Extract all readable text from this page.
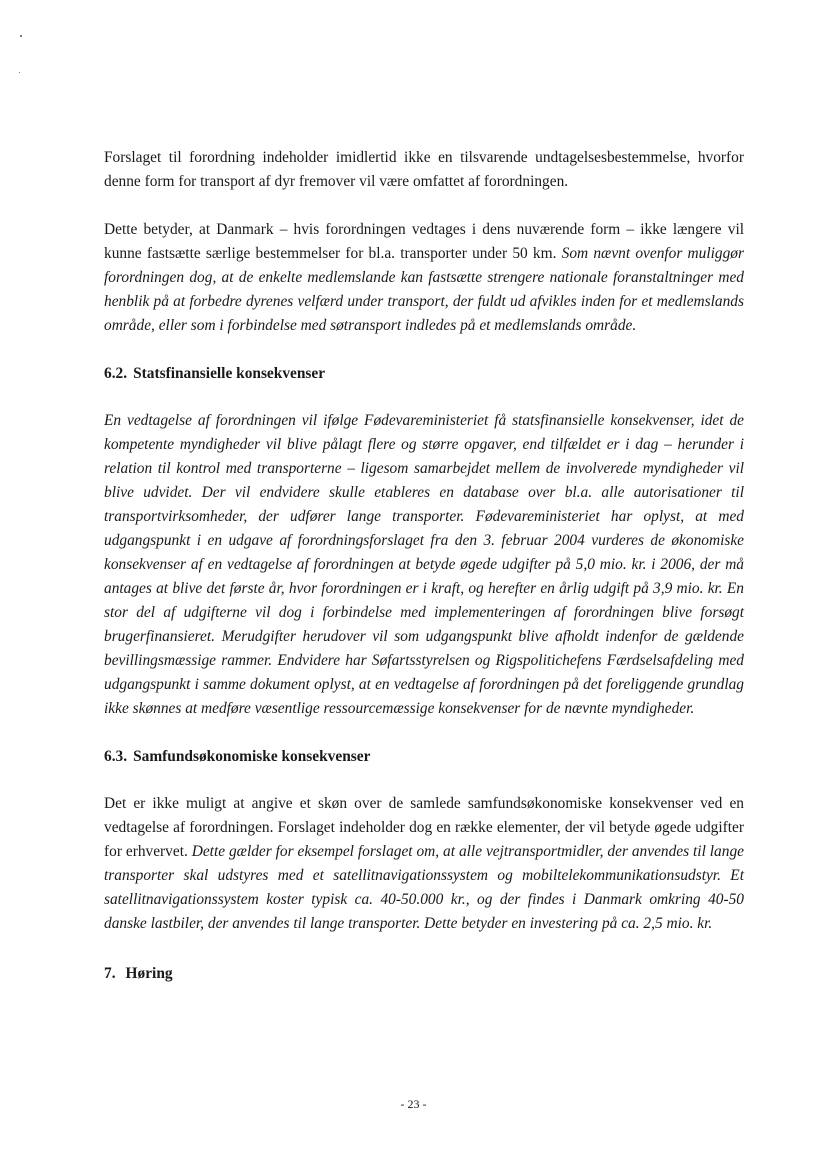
Forslaget til forordning indeholder imidlertid ikke en tilsvarende undtagelsesbestemmelse, hvorfor denne form for transport af dyr fremover vil være omfattet af forordningen.

Dette betyder, at Danmark – hvis forordningen vedtages i dens nuværende form – ikke længere vil kunne fastsætte særlige bestemmelser for bl.a. transporter under 50 km. Som nævnt ovenfor muliggør forordningen dog, at de enkelte medlemslande kan fastsætte strengere nationale foranstaltninger med henblik på at forbedre dyrenes velfærd under transport, der fuldt ud afvikles inden for et medlemslands område, eller som i forbindelse med søtransport indledes på et medlemslands område.

6.2. Statsfinansielle konsekvenser

En vedtagelse af forordningen vil ifølge Fødevareministeriet få statsfinansielle konsekvenser, idet de kompetente myndigheder vil blive pålagt flere og større opgaver, end tilfældet er i dag – herunder i relation til kontrol med transporterne – ligesom samarbejdet mellem de involverede myndigheder vil blive udvidet. Der vil endvidere skulle etableres en database over bl.a. alle autorisationer til transportvirksomheder, der udfører lange transporter. Fødevareministeriet har oplyst, at med udgangspunkt i en udgave af forordningsforslaget fra den 3. februar 2004 vurderes de økonomiske konsekvenser af en vedtagelse af forordningen at betyde øgede udgifter på 5,0 mio. kr. i 2006, der må antages at blive det første år, hvor forordningen er i kraft, og herefter en årlig udgift på 3,9 mio. kr. En stor del af udgifterne vil dog i forbindelse med implementeringen af forordningen blive forsøgt brugerfinansieret. Merudgifter herudover vil som udgangspunkt blive afholdt indenfor de gældende bevillingsmæssige rammer. Endvidere har Søfartsstyrelsen og Rigspolitichefens Færdselsafdeling med udgangspunkt i samme dokument oplyst, at en vedtagelse af forordningen på det foreliggende grundlag ikke skønnes at medføre væsentlige ressourcemæssige konsekvenser for de nævnte myndigheder.

6.3. Samfundsøkonomiske konsekvenser

Det er ikke muligt at angive et skøn over de samlede samfundsøkonomiske konsekvenser ved en vedtagelse af forordningen. Forslaget indeholder dog en række elementer, der vil betyde øgede udgifter for erhvervet. Dette gælder for eksempel forslaget om, at alle vejtransportmidler, der anvendes til lange transporter skal udstyres med et satellitnavigationssystem og mobiltelekommunikationsudstyr. Et satellitnavigationssystem koster typisk ca. 40-50.000 kr., og der findes i Danmark omkring 40-50 danske lastbiler, der anvendes til lange transporter. Dette betyder en investering på ca. 2,5 mio. kr.

7. Høring
- 23 -
